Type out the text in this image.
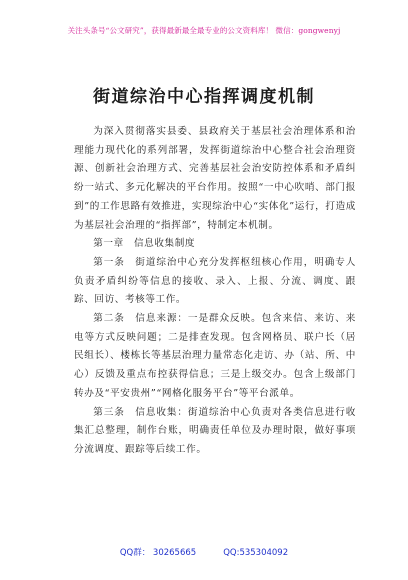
关注头条号“公文研究”，获得最新最全最专业的公文资料库！ 微信：gongwenyj
街道综治中心指挥调度机制

为深入贯彻落实县委、县政府关于基层社会治理体系和治理能力现代化的系列部署，发挥街道综治中心整合社会治理资源、创新社会治理方式、完善基层社会治安防控体系和矛盾纠纷一站式、多元化解决的平台作用。按照“一中心吹哨、部门报到”的工作思路有效推进，实现综治中心“实体化”运行，打造成为基层社会治理的“指挥部”，特制定本机制。

第一章　信息收集制度

第一条　街道综治中心充分发挥枢纽核心作用，明确专人负责矛盾纠纷等信息的接收、录入、上报、分流、调度、跟踪、回访、考核等工作。

第二条　信息来源：一是群众反映。包含来信、来访、来电等方式反映问题；二是排查发现。包含网格员、联户长（居民组长）、楼栋长等基层治理力量常态化走访、办（站、所、中心）反馈及重点布控获得信息；三是上级交办。包含上级部门转办及“平安贵州”“网格化服务平台”等平台派单。

第三条　信息收集：街道综治中心负责对各类信息进行收集汇总整理，制作台账，明确责任单位及办理时限，做好事项分流调度、跟踪等后续工作。

QQ群： 30265665          QQ:535304092
